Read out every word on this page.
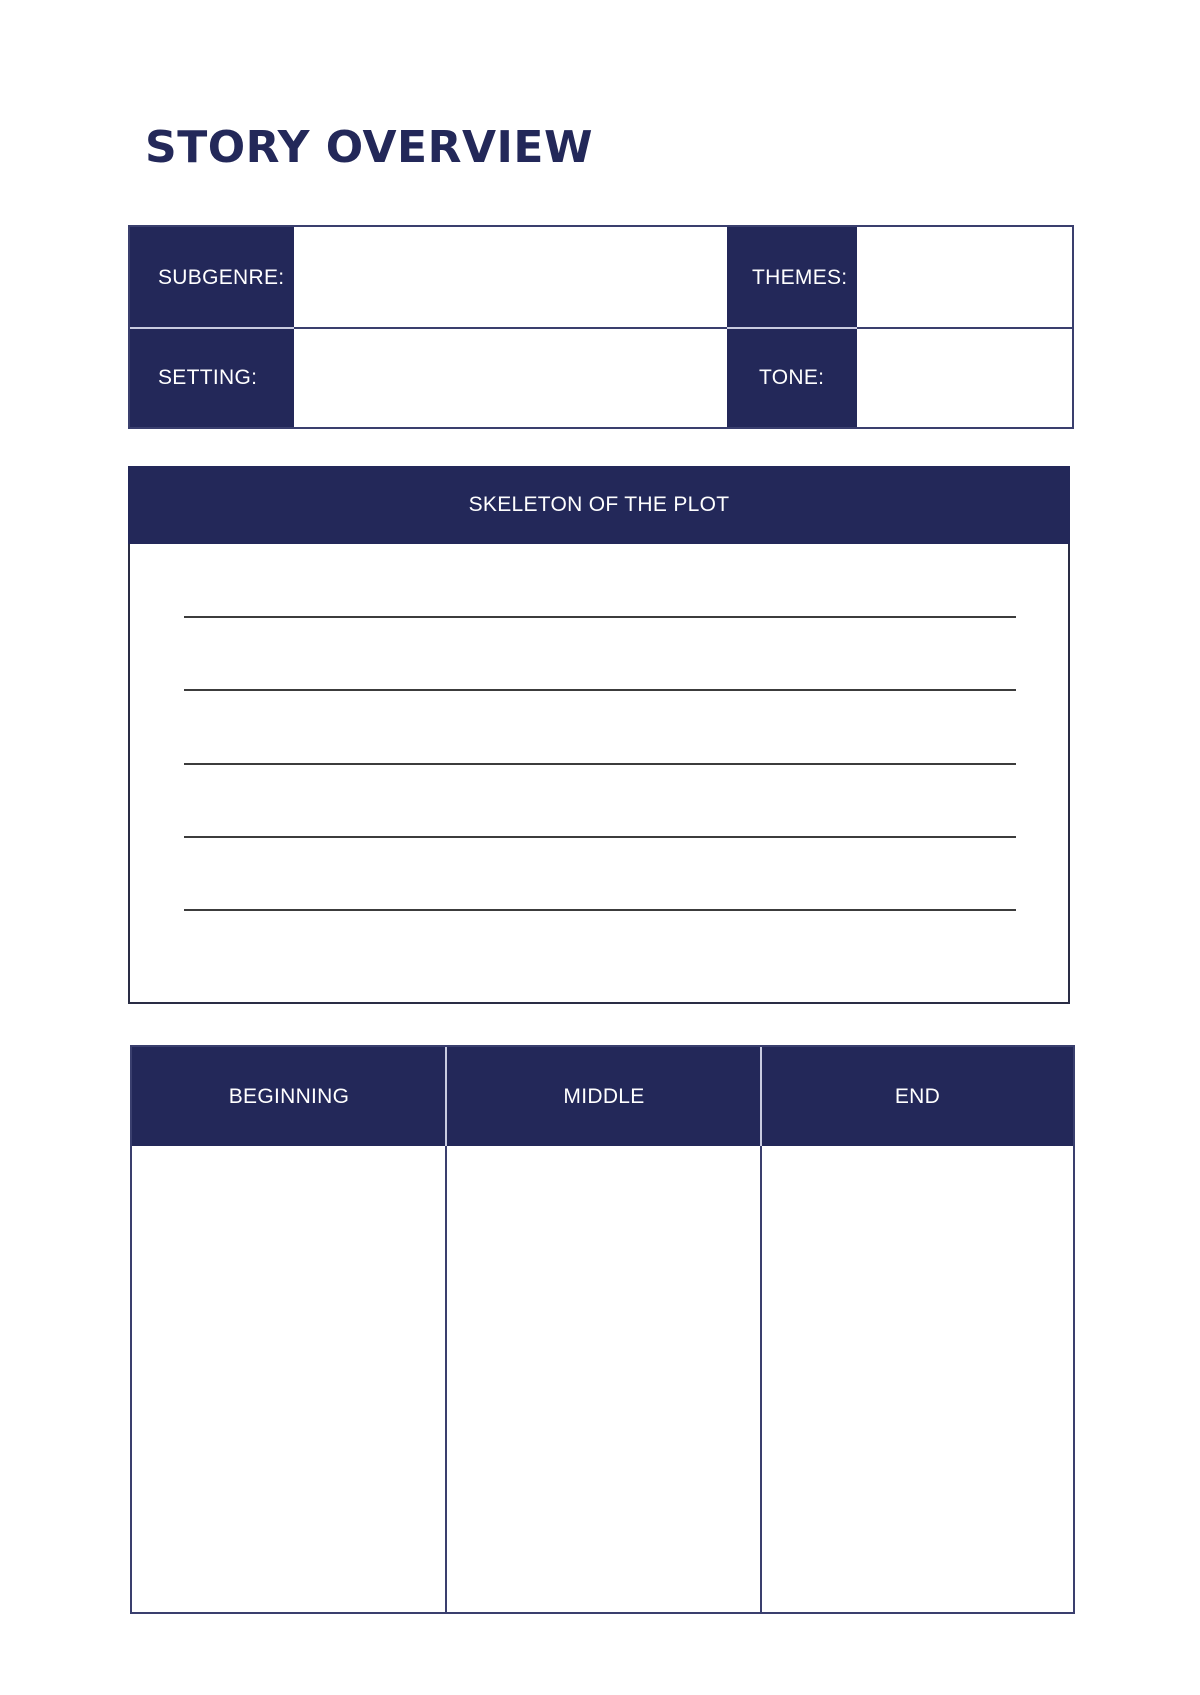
STORY OVERVIEW
SUBGENRE:	THEMES:
SETTING:	TONE:
SKELETON OF THE PLOT
BEGINNING	MIDDLE	END
